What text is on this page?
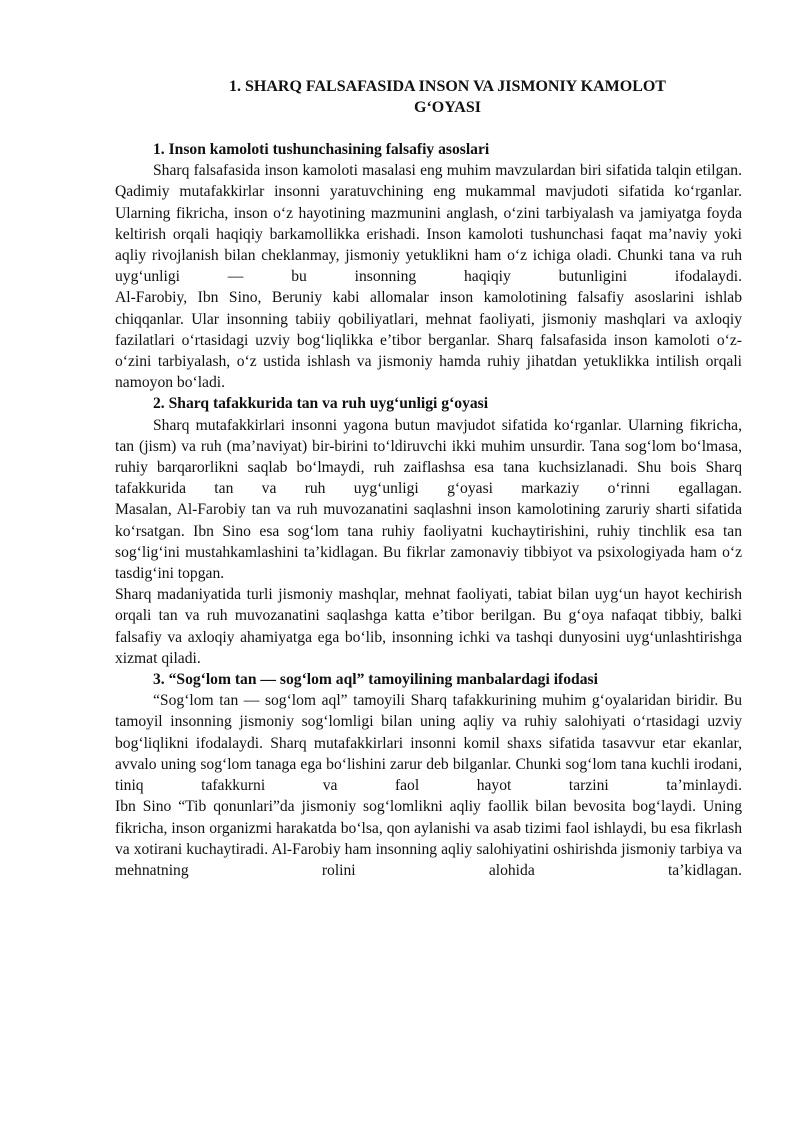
1. SHARQ FALSAFASIDA INSON VA JISMONIY KAMOLOT
G‘OYASI
1. Inson kamoloti tushunchasining falsafiy asoslari

Sharq falsafasida inson kamoloti masalasi eng muhim mavzulardan biri sifatida talqin etilgan. Qadimiy mutafakkirlar insonni yaratuvchining eng mukammal mavjudoti sifatida ko‘rganlar. Ularning fikricha, inson o‘z hayotining mazmunini anglash, o‘zini tarbiyalash va jamiyatga foyda keltirish orqali haqiqiy barkamollikka erishadi. Inson kamoloti tushunchasi faqat ma’naviy yoki aqliy rivojlanish bilan cheklanmay, jismoniy yetuklikni ham o‘z ichiga oladi. Chunki tana va ruh uyg‘unligi — bu insonning haqiqiy butunligini ifodalaydi.

Al-Farobiy, Ibn Sino, Beruniy kabi allomalar inson kamolotining falsafiy asoslarini ishlab chiqqanlar. Ular insonning tabiiy qobiliyatlari, mehnat faoliyati, jismoniy mashqlari va axloqiy fazilatlari o‘rtasidagi uzviy bog‘liqlikka e’tibor berganlar. Sharq falsafasida inson kamoloti o‘z-o‘zini tarbiyalash, o‘z ustida ishlash va jismoniy hamda ruhiy jihatdan yetuklikka intilish orqali namoyon bo‘ladi.

2. Sharq tafakkurida tan va ruh uyg‘unligi g‘oyasi

Sharq mutafakkirlari insonni yagona butun mavjudot sifatida ko‘rganlar. Ularning fikricha, tan (jism) va ruh (ma’naviyat) bir-birini to‘ldiruvchi ikki muhim unsurdir. Tana sog‘lom bo‘lmasa, ruhiy barqarorlikni saqlab bo‘lmaydi, ruh zaiflashsa esa tana kuchsizlanadi. Shu bois Sharq tafakkurida tan va ruh uyg‘unligi g‘oyasi markaziy o‘rinni egallagan.

Masalan, Al-Farobiy tan va ruh muvozanatini saqlashni inson kamolotining zaruriy sharti sifatida ko‘rsatgan. Ibn Sino esa sog‘lom tana ruhiy faoliyatni kuchaytirishini, ruhiy tinchlik esa tan sog‘lig‘ini mustahkamlashini ta’kidlagan. Bu fikrlar zamonaviy tibbiyot va psixologiyada ham o‘z tasdig‘ini topgan.

Sharq madaniyatida turli jismoniy mashqlar, mehnat faoliyati, tabiat bilan uyg‘un hayot kechirish orqali tan va ruh muvozanatini saqlashga katta e’tibor berilgan. Bu g‘oya nafaqat tibbiy, balki falsafiy va axloqiy ahamiyatga ega bo‘lib, insonning ichki va tashqi dunyosini uyg‘unlashtirishga xizmat qiladi.

3. “Sog‘lom tan — sog‘lom aql” tamoyilining manbalardagi ifodasi

“Sog‘lom tan — sog‘lom aql” tamoyili Sharq tafakkurining muhim g‘oyalaridan biridir. Bu tamoyil insonning jismoniy sog‘lomligi bilan uning aqliy va ruhiy salohiyati o‘rtasidagi uzviy bog‘liqlikni ifodalaydi. Sharq mutafakkirlari insonni komil shaxs sifatida tasavvur etar ekanlar, avvalo uning sog‘lom tanaga ega bo‘lishini zarur deb bilganlar. Chunki sog‘lom tana kuchli irodani, tiniq tafakkurni va faol hayot tarzini ta’minlaydi.

Ibn Sino “Tib qonunlari”da jismoniy sog‘lomlikni aqliy faollik bilan bevosita bog‘laydi. Uning fikricha, inson organizmi harakatda bo‘lsa, qon aylanishi va asab tizimi faol ishlaydi, bu esa fikrlash va xotirani kuchaytiradi. Al-Farobiy ham insonning aqliy salohiyatini oshirishda jismoniy tarbiya va mehnatning rolini alohida ta’kidlagan.
